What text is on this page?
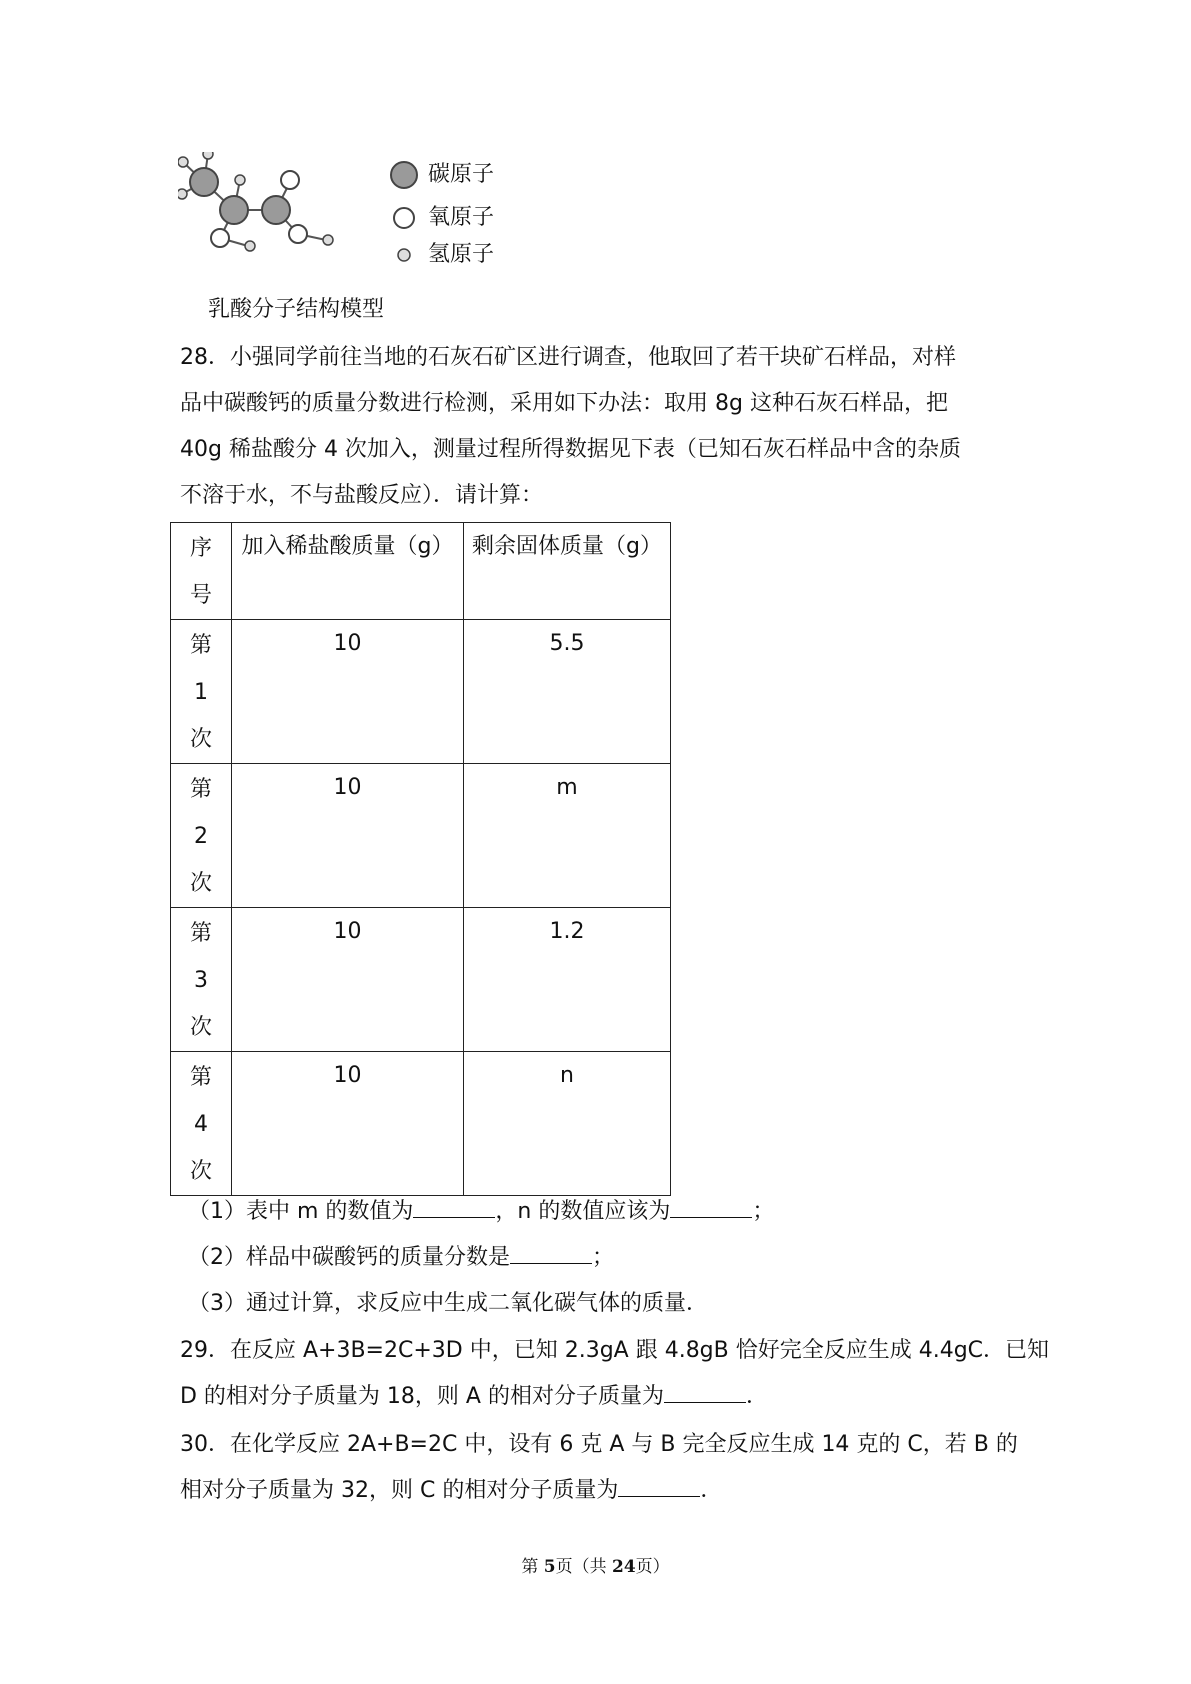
碳原子
氧原子
氢原子
乳酸分子结构模型
28．小强同学前往当地的石灰石矿区进行调查，他取回了若干块矿石样品，对样
品中碳酸钙的质量分数进行检测，采用如下办法：取用 8g 这种石灰石样品，把
40g 稀盐酸分 4 次加入，测量过程所得数据见下表（已知石灰石样品中含的杂质
不溶于水，不与盐酸反应）．请计算：
序
号	加入稀盐酸质量（g）	剩余固体质量（g）

第
1
次	10	5.5

第
2
次	10	m

第
3
次	10	1.2

第
4
次	10	n
（1）表中 m 的数值为	，n 的数值应该为	；
（2）样品中碳酸钙的质量分数是	；
（3）通过计算，求反应中生成二氧化碳气体的质量．
29．在反应 A+3B=2C+3D 中，已知 2.3gA 跟 4.8gB 恰好完全反应生成 4.4gC．已知
D 的相对分子质量为 18，则 A 的相对分子质量为	．
30．在化学反应 2A+B=2C 中，设有 6 克 A 与 B 完全反应生成 14 克的 C，若 B 的
相对分子质量为 32，则 C 的相对分子质量为	．
第 5页（共 24页）
